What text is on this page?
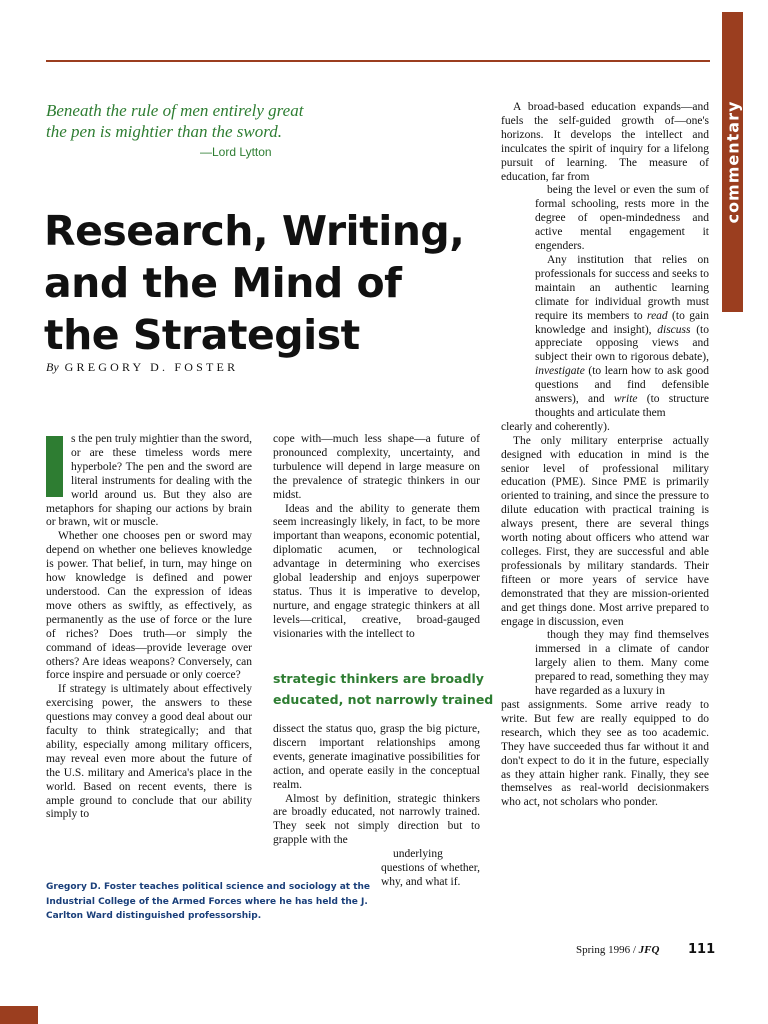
commentary
Beneath the rule of men entirely great
the pen is mightier than the sword.
—Lord Lytton
Research, Writing,
and the Mind of
the Strategist
By GREGORY D. FOSTER

s the pen truly mightier than the sword, or are these timeless words mere hyperbole? The pen and the sword are literal instruments for dealing with the world around us. But they also are metaphors for shaping our actions by brain or brawn, wit or muscle.

Whether one chooses pen or sword may depend on whether one believes knowledge is power. That belief, in turn, may hinge on how knowledge is defined and power understood. Can the expression of ideas move others as swiftly, as effectively, as permanently as the use of force or the lure of riches? Does truth—or simply the command of ideas—provide leverage over others? Are ideas weapons? Conversely, can force inspire and persuade or only coerce?

If strategy is ultimately about effectively exercising power, the answers to these questions may convey a good deal about our faculty to think strategically; and that ability, especially among military officers, may reveal even more about the future of the U.S. military and America's place in the world. Based on recent events, there is ample ground to conclude that our ability simply to

cope with—much less shape—a future of pronounced complexity, uncertainty, and turbulence will depend in large measure on the prevalence of strategic thinkers in our midst.

Ideas and the ability to generate them seem increasingly likely, in fact, to be more important than weapons, economic potential, diplomatic acumen, or technological advantage in determining who exercises global leadership and enjoys superpower status. Thus it is imperative to develop, nurture, and engage strategic thinkers at all levels—critical, creative, broad-gauged visionaries with the intellect to

strategic thinkers are broadly
educated, not narrowly trained

dissect the status quo, grasp the big picture, discern important relationships among events, generate imaginative possibilities for action, and operate easily in the conceptual realm.

Almost by definition, strategic thinkers are broadly educated, not narrowly trained. They seek not simply direction but to grapple with the
underlying questions of whether, why, and what if.

A broad-based education expands—and fuels the self-guided growth of—one's horizons. It develops the intellect and inculcates the spirit of inquiry for a lifelong pursuit of learning. The measure of education, far from
being the level or even the sum of formal schooling, rests more in the degree of open-mindedness and active mental engagement it engenders.

Any institution that relies on professionals for success and seeks to maintain an authentic learning climate for individual growth must require its members to read (to gain knowledge and insight), discuss (to appreciate opposing views and subject their own to rigorous debate), investigate (to learn how to ask good questions and find defensible answers), and write (to structure thoughts and articulate them

clearly and coherently).

The only military enterprise actually designed with education in mind is the senior level of professional military education (PME). Since PME is primarily oriented to training, and since the pressure to dilute education with practical training is always present, there are several things worth noting about officers who attend war colleges. First, they are successful and able professionals by military standards. Their fifteen or more years of service have demonstrated that they are mission-oriented and get things done. Most arrive prepared to engage in discussion, even
though they may find themselves immersed in a climate of candor largely alien to them. Many come prepared to read, something they may have regarded as a luxury in
past assignments. Some arrive ready to write. But few are really equipped to do research, which they see as too academic. They have succeeded thus far without it and don't expect to do it in the future, especially as they attain higher rank. Finally, they see themselves as real-world decisionmakers who act, not scholars who ponder.

Gregory D. Foster teaches political science and sociology at the Industrial College of the Armed Forces where he has held the J. Carlton Ward distinguished professorship.
Spring 1996 / JFQ 111
